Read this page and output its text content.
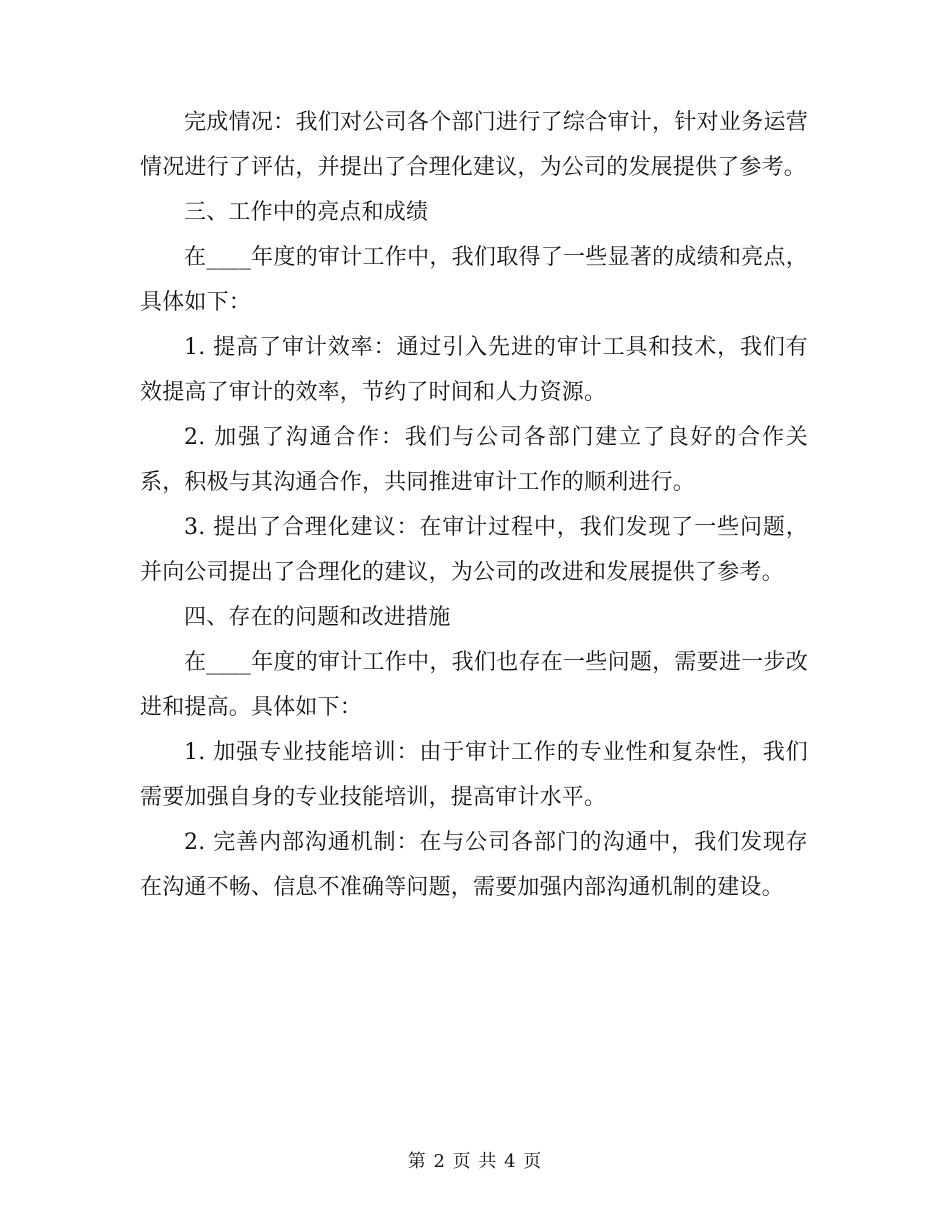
完成情况：我们对公司各个部门进行了综合审计，针对业务运营情况进行了评估，并提出了合理化建议，为公司的发展提供了参考。

三、工作中的亮点和成绩

在____年度的审计工作中，我们取得了一些显著的成绩和亮点，具体如下：

1. 提高了审计效率：通过引入先进的审计工具和技术，我们有效提高了审计的效率，节约了时间和人力资源。

2. 加强了沟通合作：我们与公司各部门建立了良好的合作关系，积极与其沟通合作，共同推进审计工作的顺利进行。

3. 提出了合理化建议：在审计过程中，我们发现了一些问题，并向公司提出了合理化的建议，为公司的改进和发展提供了参考。

四、存在的问题和改进措施

在____年度的审计工作中，我们也存在一些问题，需要进一步改进和提高。具体如下：

1. 加强专业技能培训：由于审计工作的专业性和复杂性，我们需要加强自身的专业技能培训，提高审计水平。

2. 完善内部沟通机制：在与公司各部门的沟通中，我们发现存在沟通不畅、信息不准确等问题，需要加强内部沟通机制的建设。

第 2 页 共 4 页
